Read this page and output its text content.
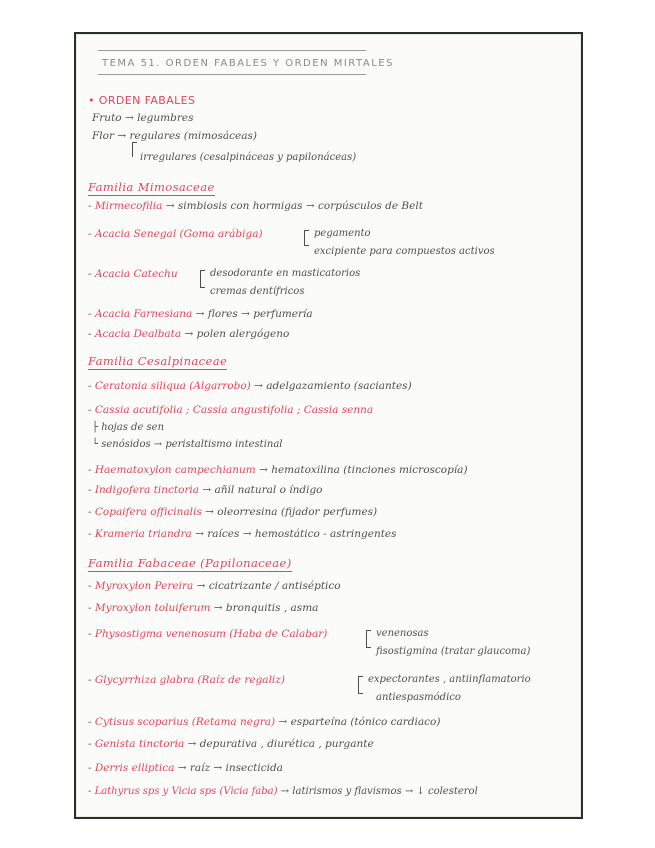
TEMA 51. ORDEN FABALES Y ORDEN MIRTALES
• ORDEN FABALES
Fruto → legumbres
Flor → regulares (mimosáceas)
irregulares (cesalpináceas y papilonáceas)
Familia Mimosaceae
- Mirmecofilia → simbiosis con hormigas → corpúsculos de Belt
- Acacia Senegal (Goma arábiga)	pegamento
excipiente para compuestos activos
- Acacia Catechu	desodorante en masticatorios
cremas dentífricos
- Acacia Farnesiana → flores → perfumería
- Acacia Dealbata → polen alergógeno
Familia Cesalpinaceae
- Ceratonia siliqua (Algarrobo) → adelgazamiento (saciantes)
- Cassia acutifolia ; Cassia angustifolia ; Cassia senna
├ hojas de sen
└ senósidos → peristaltismo intestinal
- Haematoxylon campechianum → hematoxilina (tinciones microscopía)
- Indigofera tinctoria → añil natural o índigo
- Copaifera officinalis → oleorresina (fijador perfumes)
- Krameria triandra → raíces → hemostático - astringentes
Familia Fabaceae (Papilonaceae)
- Myroxylon Pereira → cicatrizante / antiséptico
- Myroxylon toluiferum → bronquitis , asma
- Physostigma venenosum (Haba de Calabar)	venenosas
fisostigmina (tratar glaucoma)
- Glycyrrhiza glabra (Raíz de regaliz)	expectorantes , antiinflamatorio
antiespasmódico
- Cytisus scoparius (Retama negra) → esparteína (tónico cardiaco)
- Genista tinctoria → depurativa , diurética , purgante
- Derris elliptica → raíz → insecticida
- Lathyrus sps y Vicia sps (Vicia faba) → latirismos y flavismos → ↓ colesterol
